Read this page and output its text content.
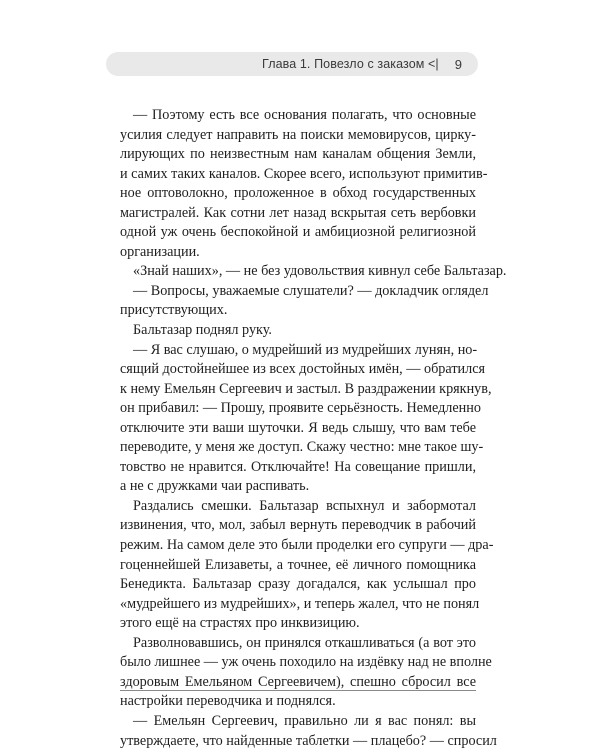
Глава 1. Повезло с заказом <| 9
— Поэтому есть все основания полагать, что основные
усилия следует направить на поиски мемовирусов, цирку-
лирующих по неизвестным нам каналам общения Земли,
и самих таких каналов. Скорее всего, используют примитив-
ное оптоволокно, проложенное в обход государственных
магистралей. Как сотни лет назад вскрытая сеть вербовки
одной уж очень беспокойной и амбициозной религиозной
организации.
«Знай наших», — не без удовольствия кивнул себе Бальтазар.
— Вопросы, уважаемые слушатели? — докладчик оглядел
присутствующих.
Бальтазар поднял руку.
— Я вас слушаю, о мудрейший из мудрейших лунян, но-
сящий достойнейшее из всех достойных имён, — обратился
к нему Емельян Сергеевич и застыл. В раздражении крякнув,
он прибавил: — Прошу, проявите серьёзность. Немедленно
отключите эти ваши шуточки. Я ведь слышу, что вам тебе
переводите, у меня же доступ. Скажу честно: мне такое шу-
товство не нравится. Отключайте! На совещание пришли,
а не с дружками чаи распивать.
Раздались смешки. Бальтазар вспыхнул и забормотал
извинения, что, мол, забыл вернуть переводчик в рабочий
режим. На самом деле это были проделки его супруги — дра-
гоценнейшей Елизаветы, а точнее, её личного помощника
Бенедикта. Бальтазар сразу догадался, как услышал про
«мудрейшего из мудрейших», и теперь жалел, что не понял
этого ещё на страстях про инквизицию.
Разволновавшись, он принялся откашливаться (а вот это
было лишнее — уж очень походило на издёвку над не вполне
здоровым Емельяном Сергеевичем), спешно сбросил все
настройки переводчика и поднялся.
— Емельян Сергеевич, правильно ли я вас понял: вы
утверждаете, что найденные таблетки — плацебо? — спросил
